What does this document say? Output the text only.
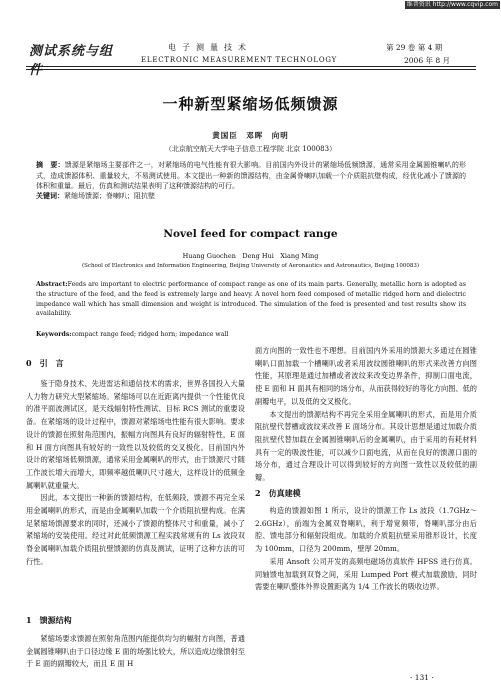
维普资讯 http://www.cqvip.com
测试系统与组件
电子测量技术
ELECTRONIC MEASUREMENT TECHNOLOGY
第 29 卷 第 4 期
2006 年 8 月
一种新型紧缩场低频馈源
黄国臣　邓晖　向明
（北京航空航天大学电子信息工程学院 北京 100083）
摘　要：馈源是紧缩场主要部件之一，对紧缩场的电气性能有很大影响。目前国内外设计的紧缩场低频馈源，通常采用金属圆锥喇叭的形式，造成馈源体积、重量较大，不易测试使用。本文提出一种新的馈源结构，由金属脊喇叭加载一个介质阻抗壁构成，经优化减小了馈源的体积和重量。最后，仿真和测试结果表明了这种馈源结构的可行。
关键词：紧缩场馈源；脊喇叭；阻抗壁
Novel feed for compact range
Huang Guochen　Deng Hui　Xiang Ming
(School of Electronics and Information Engineering, Beijing University of Aeronautics and Astronautics, Beijing 100083)
Abstract:Feeds are important to electric performance of compact range as one of its main parts. Generally, metallic horn is adopted as the structure of the feed, and the feed is extremely large and heavy. A novel horn feed composed of metallic ridged horn and dielectric impedance wall which has small dimension and weight is introduced. The simulation of the feed is presented and test results show its availability.
Keywords:compact range feed; ridged horn; impedance wall
0　引　言

鉴于隐身技术、先进雷达和通信技术的需求，世界各国投入大量人力物力研究大型紧缩场。紧缩场可以在近距离内提供一个性能优良的准平面波测试区，是天线辐射特性测试、目标 RCS 测试的重要设备。在紧缩场的设计过程中，馈源对紧缩场电性能有很大影响。要求设计的馈源在照射角范围内，振幅方向图具有良好的辐射特性，E 面和 H 面方向图具有较好的一致性以及较低的交叉极化。目前国内外设计的紧缩场低频馈源，通常采用金属喇叭的形式，由于馈源尺寸随工作波长增大而增大，即频率越低喇叭尺寸越大，这样设计的低频金属喇叭就重量大。

因此，本文提出一种新的馈源结构，在低频段，馈源不再完全采用金属喇叭的形式，而是由金属喇叭加载一个介质阻抗壁构成。在满足紧缩场馈源要求的同时，还减小了馈源的整体尺寸和重量，减小了紧缩场的安装使用。经过对此低频馈源工程实践常规有的 Ls 波段双脊金属喇叭加载介质阻抗壁馈源的仿真及测试，证明了这种方法的可行性。

1　馈源结构

紧缩场要求馈源在照射角范围内能提供均匀的幅射方向图，普通金属圆锥喇叭由于口径边缘 E 面的场强比较大，所以造成边缘馈射至于 E 面的副瓣较大，而且 E 面 H

面方向图的一致性也不理想。目前国内外采用的馈源大多通过在圆锥喇叭口面加载一个槽喇叭或者采用波纹圆锥喇叭的形式来改善方向图性能，其原理是通过加槽或者波纹来改变边界条件，抑制口面电流，使 E 面和 H 面具有相同的场分布，从而获得较好的等化方向图、低的副瓣电平，以及低的交叉极化。

本文提出的馈源结构不再完全采用金属喇叭的形式，而是用介质阻抗壁代替槽或波纹来改善 E 面场分布。其设计思想是通过加载介质阻抗壁代替加载在金属圆锥喇叭后的金属喇叭，由于采用的有耗材料具有一定的吸波性能，可以减少口面电流，从而在良好的馈源口面的场分布，通过合理设计可以得到较好的方向图一致性以及较低的副瓣。

2　仿真建模

构造的馈源如图 1 所示，设计的馈源工作 Ls 波段（1.7GHz～2.6GHz），前端为金属双脊喇叭，利于增宽频带，脊喇叭部分由后腔、馈电部分和辐射段组成。加载的介质阻抗壁采用锥形设计，长度为 100mm，口径为 200mm，壁厚 20mm。

采用 Ansoft 公司开发的高频电磁场仿真软件 HFSS 进行仿真。同轴馈电加载到双脊之间，采用 Lumped Port 模式加载激励，同时需要在喇叭整体外界设置距离为 1/4 工作波长的吸收边界。

· 131 ·
